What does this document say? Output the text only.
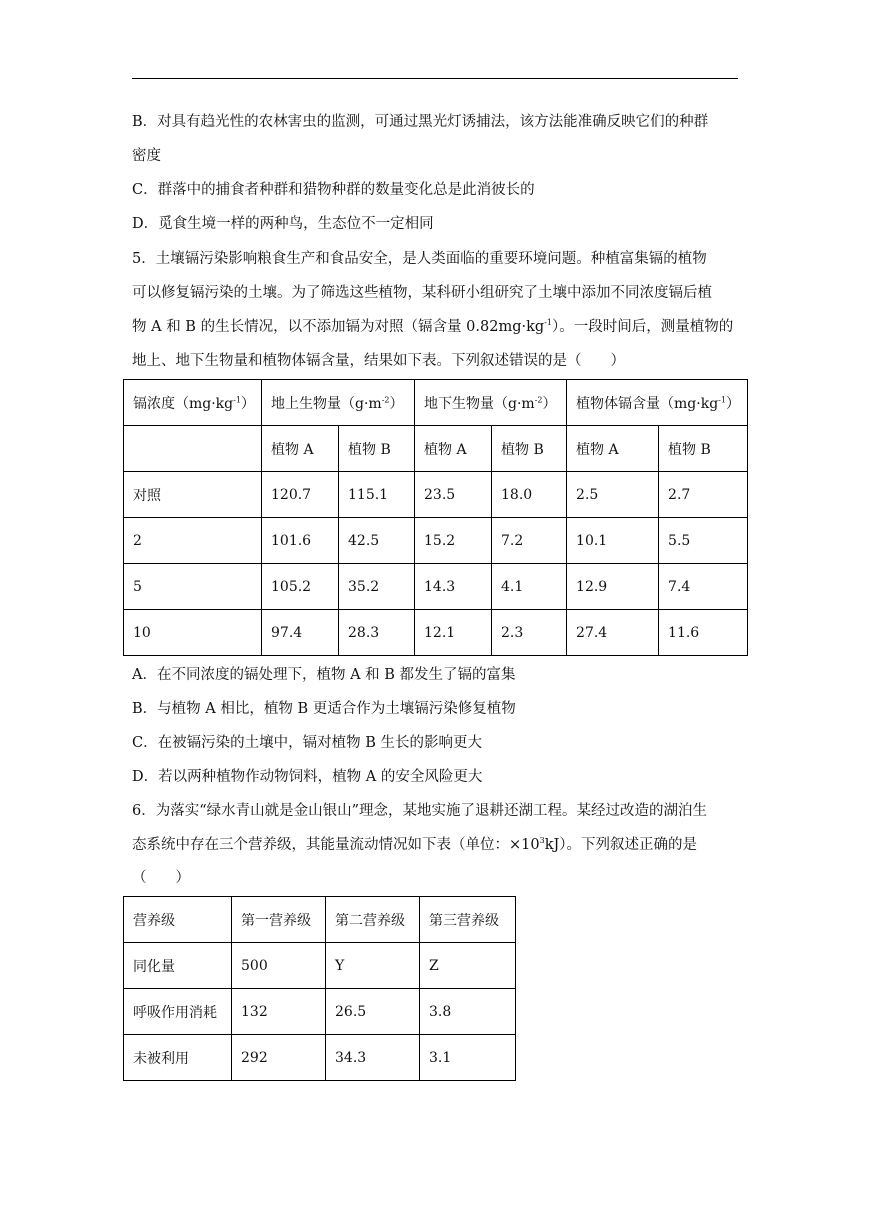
B．对具有趋光性的农林害虫的监测，可通过黑光灯诱捕法，该方法能准确反映它们的种群
密度
C．群落中的捕食者种群和猎物种群的数量变化总是此消彼长的
D．觅食生境一样的两种鸟，生态位不一定相同
5．土壤镉污染影响粮食生产和食品安全，是人类面临的重要环境问题。种植富集镉的植物
可以修复镉污染的土壤。为了筛选这些植物，某科研小组研究了土壤中添加不同浓度镉后植
物 A 和 B 的生长情况，以不添加镉为对照（镉含量 $0.82mg\cdot kg^{-1}$）。一段时间后，测量植物的
地上、地下生物量和植物体镉含量，结果如下表。下列叙述错误的是（　　）
镉浓度$(mg\cdot kg^{-1})$	地上生物量$(g\cdot m^{-2})$		地下生物量$(g\cdot m^{-2})$		植物体镉含量$(mg\cdot kg^{-1})$	
	植物 A	植物 B	植物 A	植物 B	植物 A	植物 B
对照	120.7	115.1	23.5	18.0	2.5	2.7
2	101.6	42.5	15.2	7.2	10.1	5.5
5	105.2	35.2	14.3	4.1	12.9	7.4
10	97.4	28.3	12.1	2.3	27.4	11.6
A．在不同浓度的镉处理下，植物 A 和 B 都发生了镉的富集
B．与植物 A 相比，植物 B 更适合作为土壤镉污染修复植物
C．在被镉污染的土壤中，镉对植物 B 生长的影响更大
D．若以两种植物作动物饲料，植物 A 的安全风险更大
6．为落实“绿水青山就是金山银山”理念，某地实施了退耕还湖工程。某经过改造的湖泊生
态系统中存在三个营养级，其能量流动情况如下表（单位：$\times 10^3kJ$）。下列叙述正确的是
（　　）
营养级	第一营养级	第二营养级	第三营养级
同化量	500	Y	Z
呼吸作用消耗	132	26.5	3.8
未被利用	292	34.3	3.1
